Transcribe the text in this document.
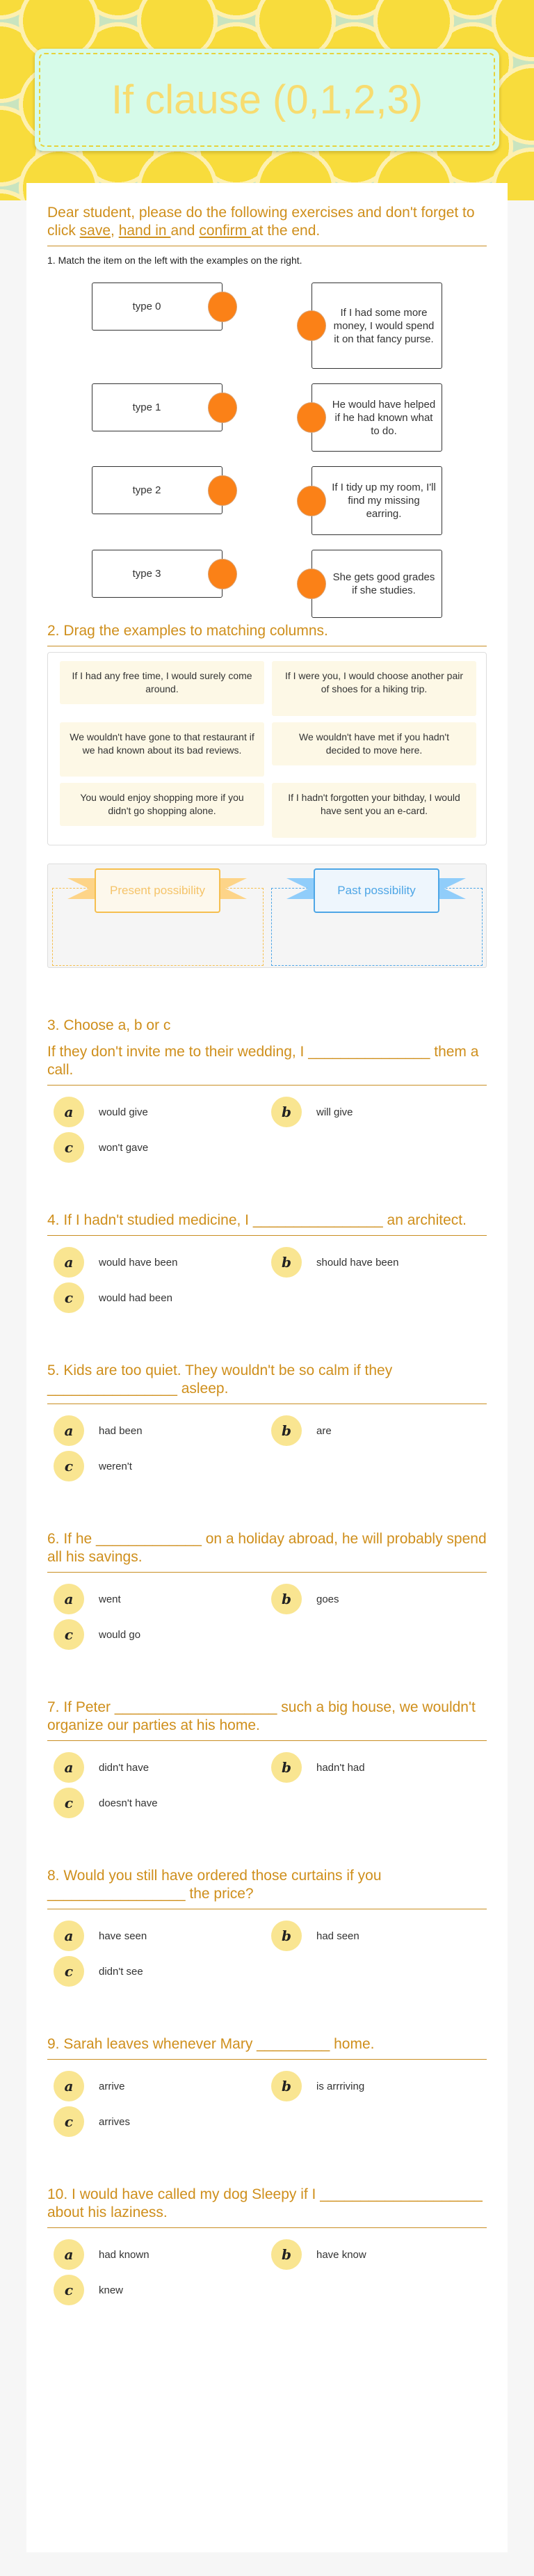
If clause (0,1,2,3)
Dear student, please do the following exercises and don't forget to click save, hand in and confirm at the end.
1. Match the item on the left with the examples on the right.
type 0	If I had some more money, I would spend it on that fancy purse.
type 1	He would have helped if he had known what to do.
type 2	If I tidy up my room, I'll find my missing earring.
type 3	She gets good grades if she studies.
2. Drag the examples to matching columns.
If I had any free time, I would surely come around.
If I were you, I would choose another pair of shoes for a hiking trip.
We wouldn't have gone to that restaurant if we had known about its bad reviews.
We wouldn't have met if you hadn't decided to move here.
You would enjoy shopping more if you didn't go shopping alone.
If I hadn't forgotten your bithday, I would have sent you an e-card.
Present possibility	Past possibility
3. Choose a, b or c
If they don't invite me to their wedding, I _______________ them a call.
a	would give	b	will give
c	won't gave
4. If I hadn't studied medicine, I ________________ an architect.
a	would have been	b	should have been
c	would had been
5. Kids are too quiet. They wouldn't be so calm if they ________________ asleep.
a	had been	b	are
c	weren't
6. If he _____________ on a holiday abroad, he will probably spend all his savings.
a	went	b	goes
c	would go
7. If Peter ____________________ such a big house, we wouldn't organize our parties at his home.
a	didn't have	b	hadn't had
c	doesn't have
8. Would you still have ordered those curtains if you _________________ the price?
a	have seen	b	had seen
c	didn't see
9. Sarah leaves whenever Mary _________ home.
a	arrive	b	is arrriving
c	arrives
10. I would have called my dog Sleepy if I ____________________ about his laziness.
a	had known	b	have know
c	knew
